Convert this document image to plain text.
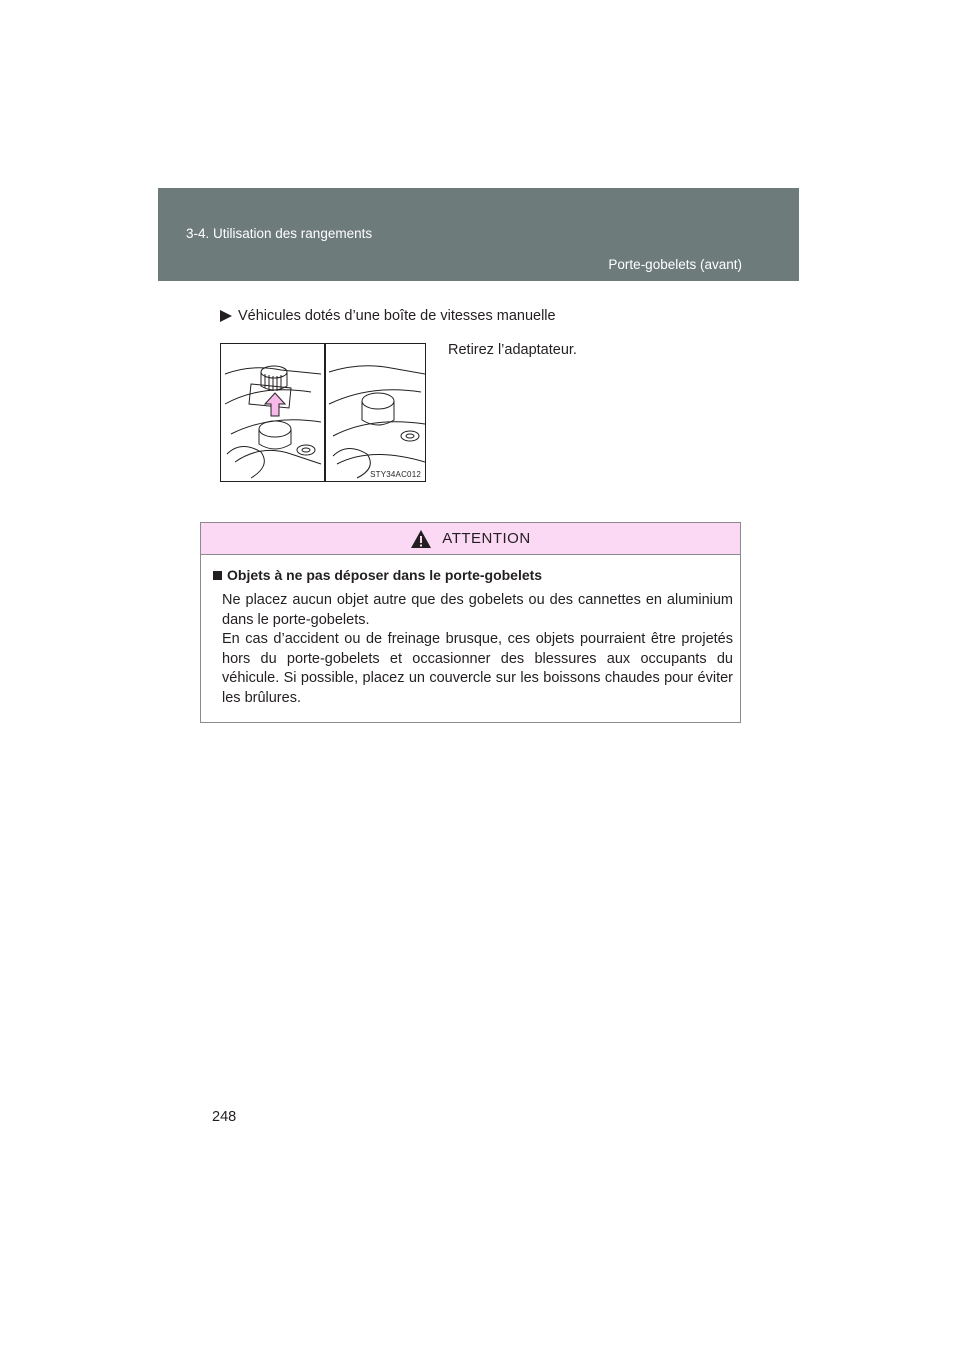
3-4. Utilisation des rangements
Porte-gobelets (avant)
Véhicules dotés d’une boîte de vitesses manuelle
STY34AC012
Retirez l’adaptateur.
ATTENTION
Objets à ne pas déposer dans le porte-gobelets
Ne placez aucun objet autre que des gobelets ou des cannettes en aluminium dans le porte-gobelets.
En cas d’accident ou de freinage brusque, ces objets pourraient être projetés hors du porte-gobelets et occasionner des blessures aux occupants du véhicule. Si possible, placez un couvercle sur les boissons chaudes pour éviter les brûlures.
248
